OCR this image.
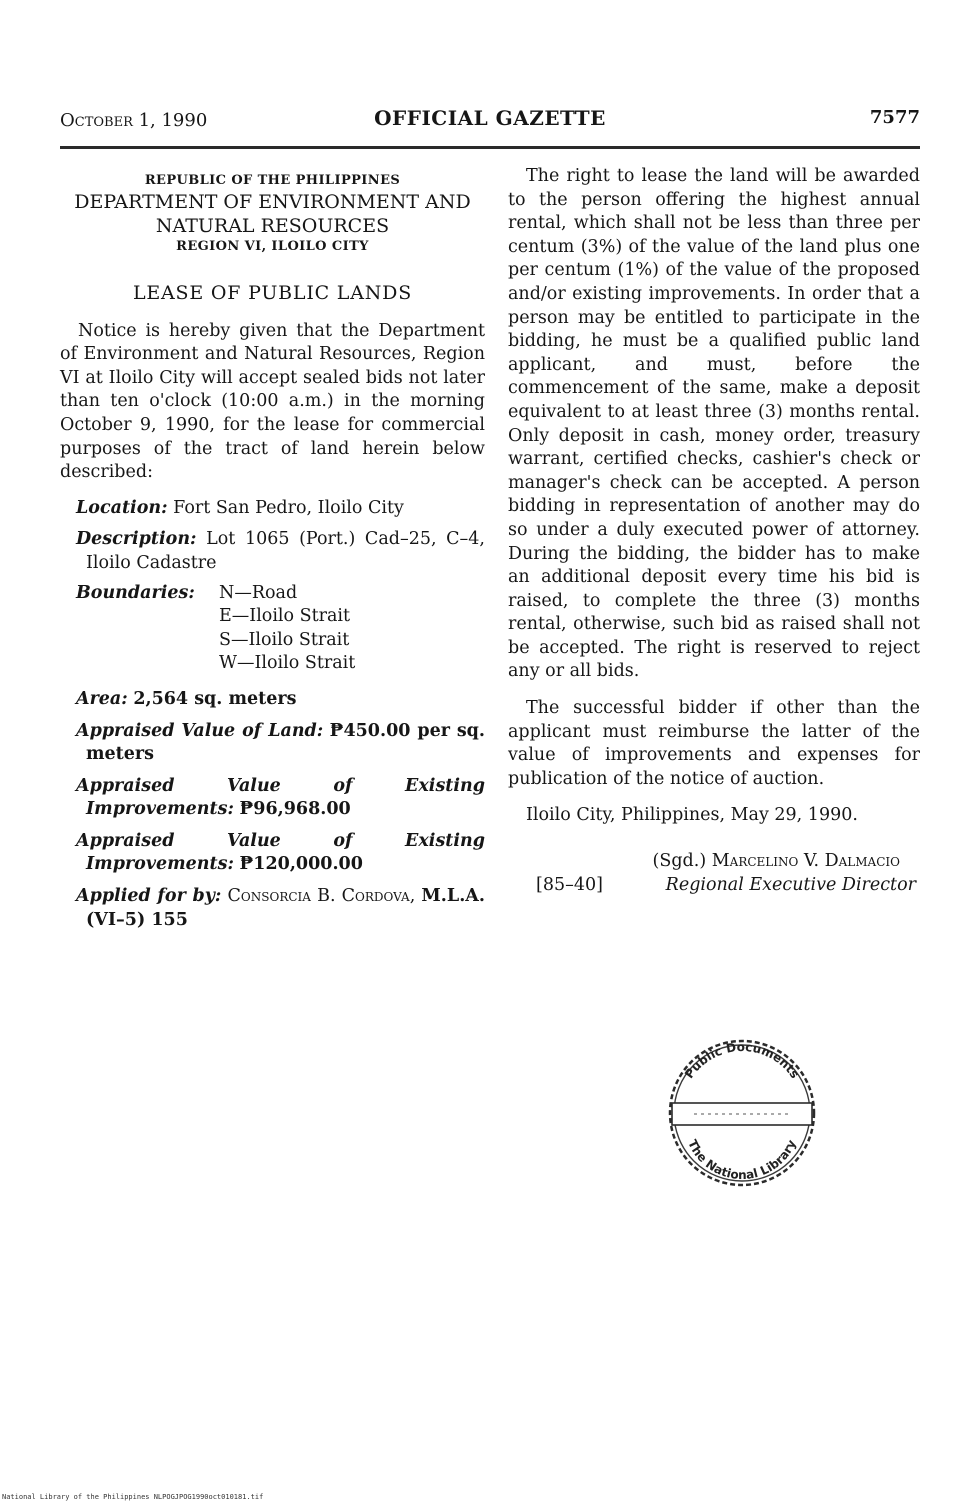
October 1, 1990	OFFICIAL GAZETTE	7577
REPUBLIC OF THE PHILIPPINES
DEPARTMENT OF ENVIRONMENT AND
NATURAL RESOURCES
REGION VI, ILOILO CITY
LEASE OF PUBLIC LANDS

Notice is hereby given that the Department of Environment and Natural Resources, Region VI at Iloilo City will accept sealed bids not later than ten o'clock (10:00 a.m.) in the morning October 9, 1990, for the lease for commercial purposes of the tract of land herein below described:

Location: Fort San Pedro, Iloilo City
Description: Lot 1065 (Port.) Cad–25, C–4, Iloilo Cadastre
Boundaries: N—Road
E—Iloilo Strait
S—Iloilo Strait
W—Iloilo Strait
Area: 2,564 sq. meters
Appraised Value of Land: ₱450.00 per sq. meters
Appraised Value of Existing Improvements: ₱96,968.00
Appraised Value of Existing Improvements: ₱120,000.00
Applied for by: Consorcia B. Cordova, M.L.A. (VI–5) 155

The right to lease the land will be awarded to the person offering the highest annual rental, which shall not be less than three per centum (3%) of the value of the land plus one per centum (1%) of the value of the proposed and/or existing improvements. In order that a person may be entitled to participate in the bidding, he must be a qualified public land applicant, and must, before the commencement of the same, make a deposit equivalent to at least three (3) months rental. Only deposit in cash, money order, treasury warrant, certified checks, cashier's check or manager's check can be accepted. A person bidding in representation of another may do so under a duly executed power of attorney. During the bidding, the bidder has to make an additional deposit every time his bid is raised, to complete the three (3) months rental, otherwise, such bid as raised shall not be accepted. The right is reserved to reject any or all bids.

The successful bidder if other than the applicant must reimburse the latter of the value of improvements and expenses for publication of the notice of auction.

Iloilo City, Philippines, May 29, 1990.

(Sgd.) Marcelino V. Dalmacio
[85–40]	Regional Executive Director
Public Documents
The National Library
National Library of the Philippines NLPOGJPOG1990oct010181.tif
